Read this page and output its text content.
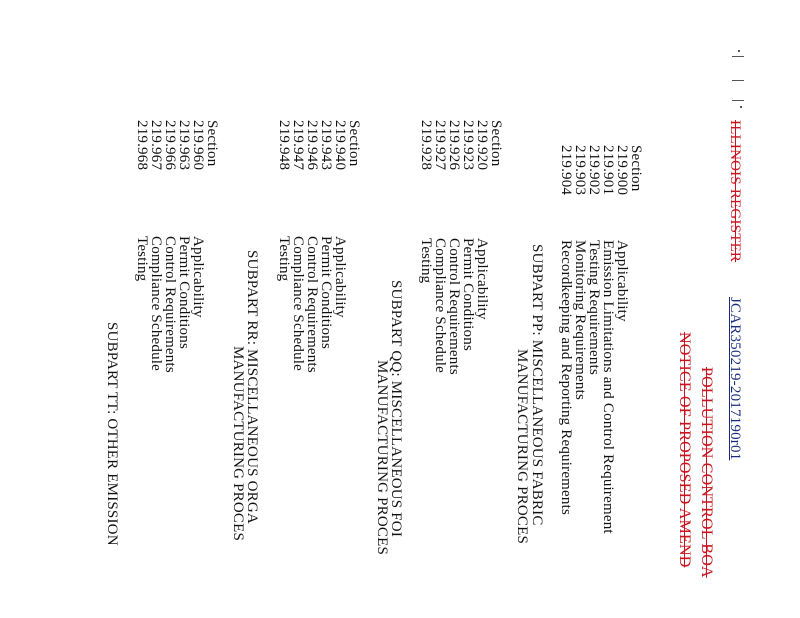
ILLINOIS REGISTER
JCAR350219-2017190r01
POLLUTION CONTROL BOA
NOTICE OF PROPOSED AMEND
Section
219.900
219.901
219.902
219.903
219.904
Applicability
Emission Limitations and Control Requirement
Testing Requirements
Monitoring Requirements
Recordkeeping and Reporting Requirements
SUBPART PP: MISCELLANEOUS FABRIC
MANUFACTURING PROCES
Section
219.920
219.923
219.926
219.927
219.928
Applicability
Permit Conditions
Control Requirements
Compliance Schedule
Testing
SUBPART QQ: MISCELLANEOUS FOI
MANUFACTURING PROCES
Section
219.940
219.943
219.946
219.947
219.948
Applicability
Permit Conditions
Control Requirements
Compliance Schedule
Testing
SUBPART RR: MISCELLANEOUS ORGA
MANUFACTURING PROCES
Section
219.960
219.963
219.966
219.967
219.968
Applicability
Permit Conditions
Control Requirements
Compliance Schedule
Testing
SUBPART TT: OTHER EMISSION
